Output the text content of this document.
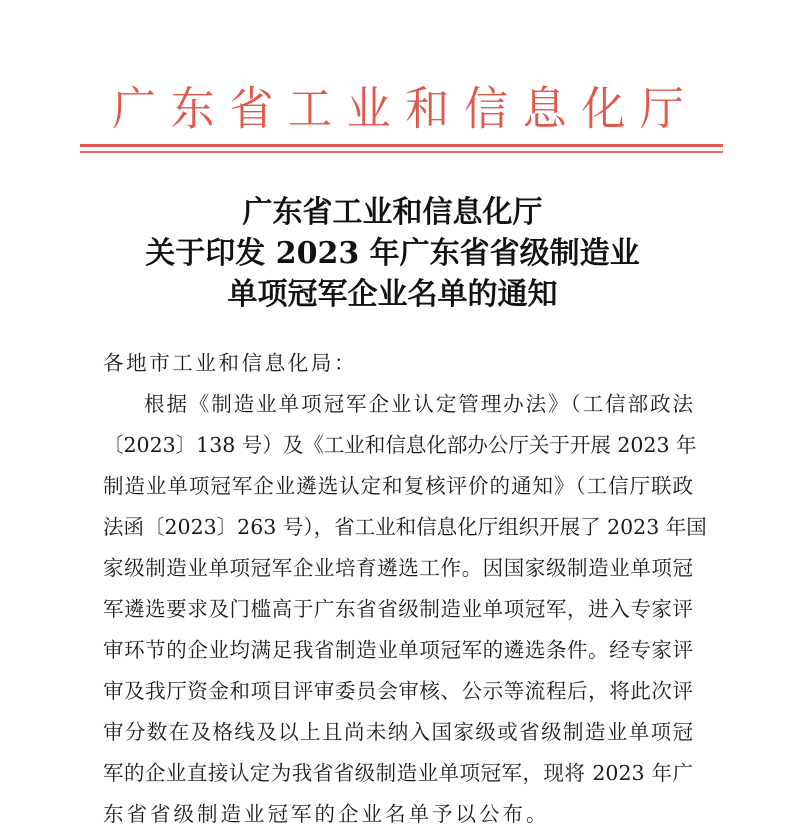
广 东 省 工 业 和 信 息 化 厅
广东省工业和信息化厅
关于印发 2023 年广东省省级制造业
单项冠军企业名单的通知
各地市工业和信息化局：
根据《制造业单项冠军企业认定管理办法》（工信部政法
〔2023〕138 号）及《工业和信息化部办公厅关于开展 2023 年
制造业单项冠军企业遴选认定和复核评价的通知》（工信厅联政
法函〔2023〕263 号），省工业和信息化厅组织开展了 2023 年国
家级制造业单项冠军企业培育遴选工作。因国家级制造业单项冠
军遴选要求及门槛高于广东省省级制造业单项冠军，进入专家评
审环节的企业均满足我省制造业单项冠军的遴选条件。经专家评
审及我厅资金和项目评审委员会审核、公示等流程后，将此次评
审分数在及格线及以上且尚未纳入国家级或省级制造业单项冠
军的企业直接认定为我省省级制造业单项冠军，现将 2023 年广
东省省级制造业冠军的企业名单予以公布。
